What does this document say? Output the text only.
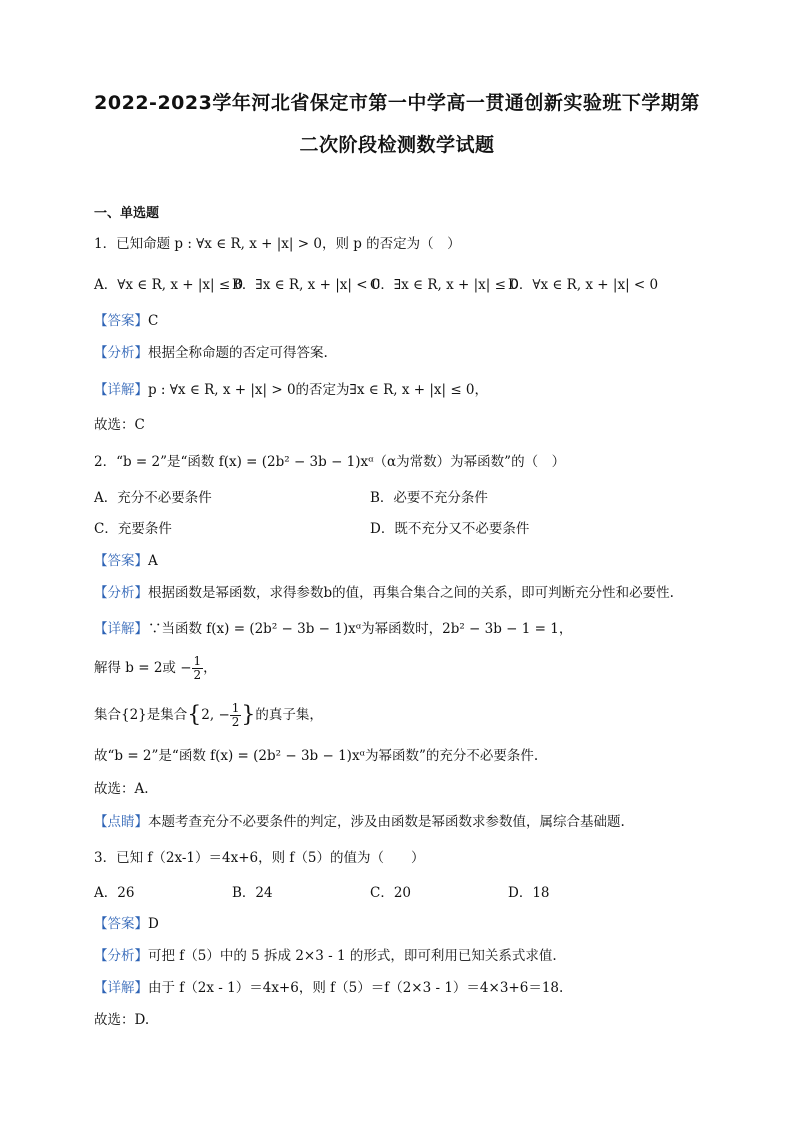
2022-2023学年河北省保定市第一中学高一贯通创新实验班下学期第
二次阶段检测数学试题
一、单选题
1．已知命题 p : ∀x ∈ R, x + |x| > 0，则 p 的否定为（　）
A．∀x ∈ R, x + |x| ≤ 0
B．∃x ∈ R, x + |x| < 0
C．∃x ∈ R, x + |x| ≤ 0
D．∀x ∈ R, x + |x| < 0
【答案】C
【分析】根据全称命题的否定可得答案.
【详解】p : ∀x ∈ R, x + |x| > 0的否定为∃x ∈ R, x + |x| ≤ 0，
故选：C
2．“b = 2”是“函数 f(x) = (2b² − 3b − 1)xᵅ（α为常数）为幂函数”的（　）
A．充分不必要条件	B．必要不充分条件
C．充要条件	D．既不充分又不必要条件
【答案】A
【分析】根据函数是幂函数，求得参数b的值，再集合集合之间的关系，即可判断充分性和必要性.
【详解】∵当函数 f(x) = (2b² − 3b − 1)xᵅ为幂函数时，2b² − 3b − 1 = 1，
解得 b = 2或 − $\frac{1}{2}$ ，
集合{2}是集合{2, − $\frac{1}{2}$ }的真子集，
故“b = 2”是“函数 f(x) = (2b² − 3b − 1)xᵅ为幂函数”的充分不必要条件.
故选：A.
【点睛】本题考查充分不必要条件的判定，涉及由函数是幂函数求参数值，属综合基础题.
3．已知 f（2x-1）＝4x+6，则 f（5）的值为（　　）
A．26	B．24	C．20	D．18
【答案】D
【分析】可把 f（5）中的 5 拆成 2×3 - 1 的形式，即可利用已知关系式求值.
【详解】由于 f（2x - 1）＝4x+6，则 f（5）＝f（2×3 - 1）＝4×3+6＝18.
故选：D.
